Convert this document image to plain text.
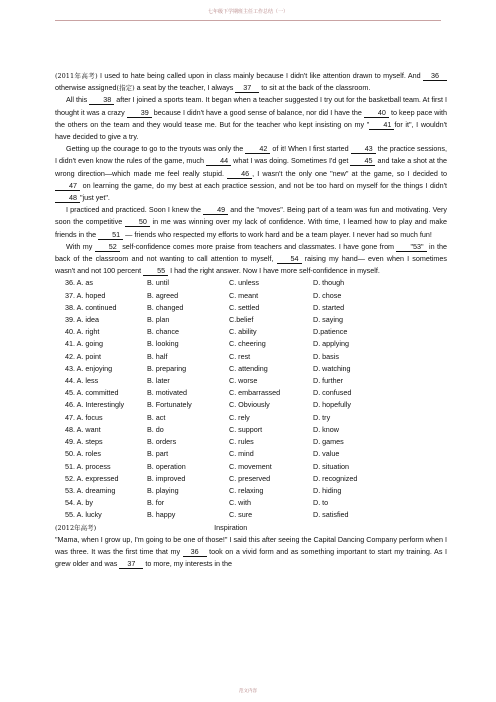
七年级下学期班主任工作总结（一）

(2011年高考) I used to hate being called upon in class mainly because I didn't like attention drawn to myself. And 36 otherwise assigned(指定) a seat by the teacher, I always 37 to sit at the back of the classroom.

All this 38 after I joined a sports team. It began when a teacher suggested I try out for the basketball team. At first I thought it was a crazy 39 because I didn't have a good sense of balance, nor did I have the 40 to keep pace with the others on the team and they would tease me. But for the teacher who kept insisting on my " 41 for it", I wouldn't have decided to give a try.

Getting up the courage to go to the tryouts was only the 42 of it! When I first started 43 the practice sessions, I didn't even know the rules of the game, much 44 what I was doing. Sometimes I'd get 45 and take a shot at the wrong direction—which made me feel really stupid. 46 , I wasn't the only one "new" at the game, so I decided to 47 on learning the game, do my best at each practice session, and not be too hard on myself for the things I didn't 48 "just yet".

I practiced and practiced. Soon I knew the 49 and the "moves". Being part of a team was fun and motivating. Very soon the competitive 50 in me was winning over my lack of confidence. With time, I learned how to play and make friends in the 51 — friends who respected my efforts to work hard and be a team player. I never had so much fun!

With my 52 self-confidence comes more praise from teachers and classmates. I have gone from "53" in the back of the classroom and not wanting to call attention to myself, 54 raising my hand— even when I sometimes wasn't and not 100 percent 55 I had the right answer. Now I have more self-confidence in myself.

36. A. as	B. until	C. unless	D. though
37. A. hoped	B. agreed	C. meant	D. chose
38. A. continued	B. changed	C. settled	D. started
39. A. idea	B. plan	C.belief	D. saying
40. A. right	B. chance	C. ability	D.patience
41. A. going	B. looking	C. cheering	D. applying
42. A. point	B. half	C. rest	D. basis
43. A. enjoying	B. preparing	C. attending	D. watching
44. A. less	B. later	C. worse	D. further
45. A. committed	B. motivated	C. embarrassed	D. confused
46. A. Interestingly	B. Fortunately	C. Obviously	D. hopefully
47. A. focus	B. act	C. rely	D. try
48. A. want	B. do	C. support	D. know
49. A. steps	B. orders	C. rules	D. games
50. A. roles	B. part	C. mind	D. value
51. A. process	B. operation	C. movement	D. situation
52. A. expressed	B. improved	C. preserved	D. recognized
53. A. dreaming	B. playing	C. relaxing	D. hiding
54. A. by	B. for	C. with	D. to
55. A. lucky	B. happy	C. sure	D. satisfied

(2012年高考)	Inspiration

"Mama, when I grow up, I'm going to be one of those!" I said this after seeing the Capital Dancing Company perform when I was three. It was the first time that my 36 took on a vivid form and as something important to start my training. As I grew older and was 37 to more, my interests in the

范文内容
